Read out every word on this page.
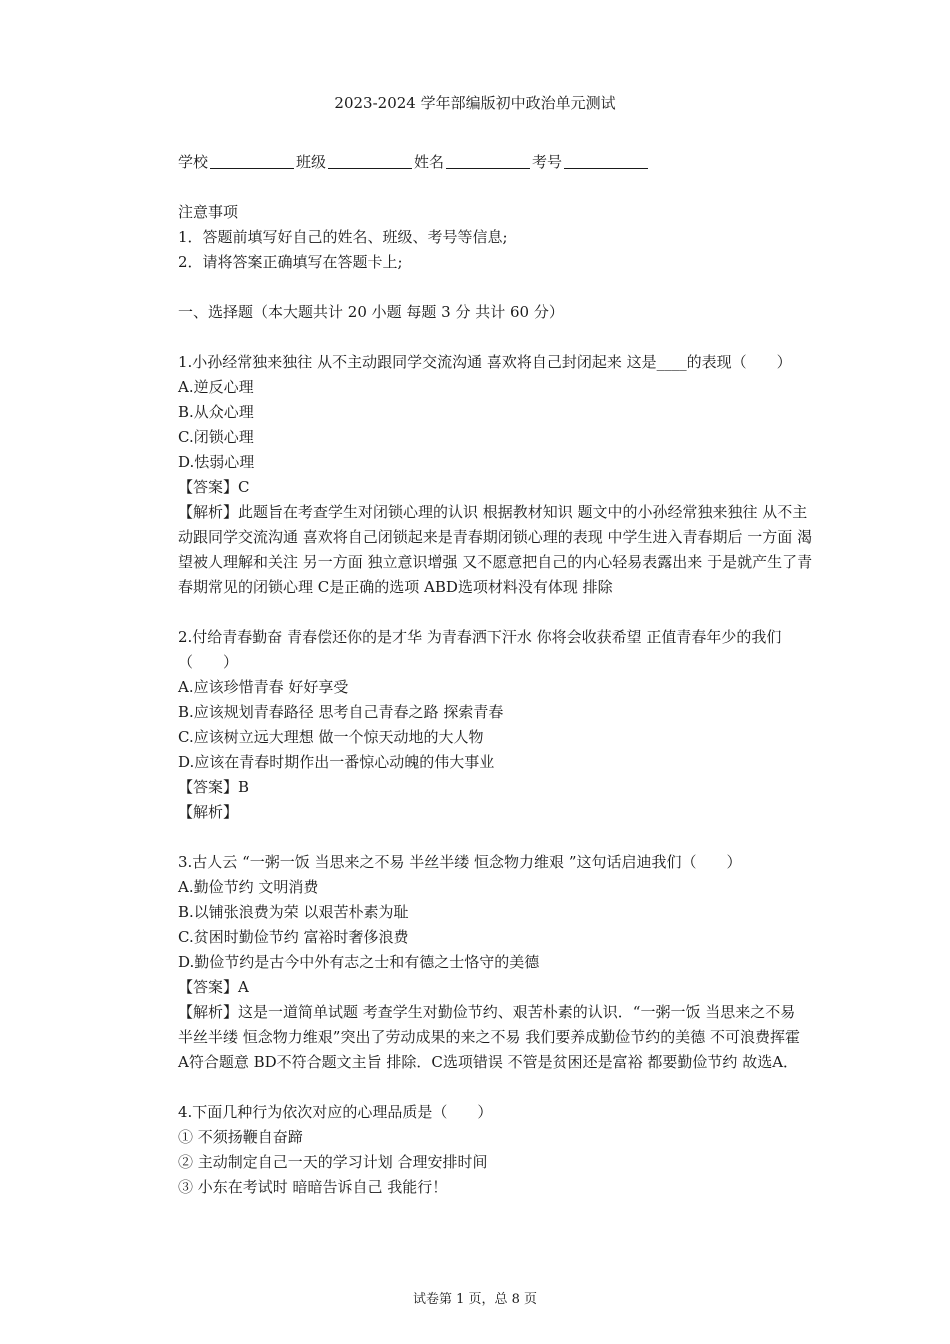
2023-2024 学年部编版初中政治单元测试
学校	班级	姓名	考号
注意事项
1．答题前填写好自己的姓名、班级、考号等信息;
2．请将答案正确填写在答题卡上;
一、选择题（本大题共计 20 小题 每题 3 分 共计 60 分）
1.小孙经常独来独往 从不主动跟同学交流沟通 喜欢将自己封闭起来 这是____的表现（　　）
A.逆反心理
B.从众心理
C.闭锁心理
D.怯弱心理
【答案】C
【解析】此题旨在考查学生对闭锁心理的认识 根据教材知识 题文中的小孙经常独来独往 从不主动跟同学交流沟通 喜欢将自己闭锁起来是青春期闭锁心理的表现 中学生进入青春期后 一方面 渴望被人理解和关注 另一方面 独立意识增强 又不愿意把自己的内心轻易表露出来 于是就产生了青春期常见的闭锁心理 C是正确的选项 ABD选项材料没有体现 排除
2.付给青春勤奋 青春偿还你的是才华 为青春洒下汗水 你将会收获希望 正值青春年少的我们（　　）
A.应该珍惜青春 好好享受
B.应该规划青春路径 思考自己青春之路 探索青春
C.应该树立远大理想 做一个惊天动地的大人物
D.应该在青春时期作出一番惊心动魄的伟大事业
【答案】B
【解析】
3.古人云 “一粥一饭 当思来之不易 半丝半缕 恒念物力维艰 ”这句话启迪我们（　　）
A.勤俭节约 文明消费
B.以铺张浪费为荣 以艰苦朴素为耻
C.贫困时勤俭节约 富裕时奢侈浪费
D.勤俭节约是古今中外有志之士和有德之士恪守的美德
【答案】A
【解析】这是一道简单试题 考查学生对勤俭节约、艰苦朴素的认识．“一粥一饭 当思来之不易 半丝半缕 恒念物力维艰”突出了劳动成果的来之不易 我们要养成勤俭节约的美德 不可浪费挥霍 A符合题意 BD不符合题文主旨 排除．C选项错误 不管是贫困还是富裕 都要勤俭节约 故选A．
4.下面几种行为依次对应的心理品质是（　　）
① 不须扬鞭自奋蹄
② 主动制定自己一天的学习计划 合理安排时间
③ 小东在考试时 暗暗告诉自己 我能行！
试卷第 1 页，总 8 页
